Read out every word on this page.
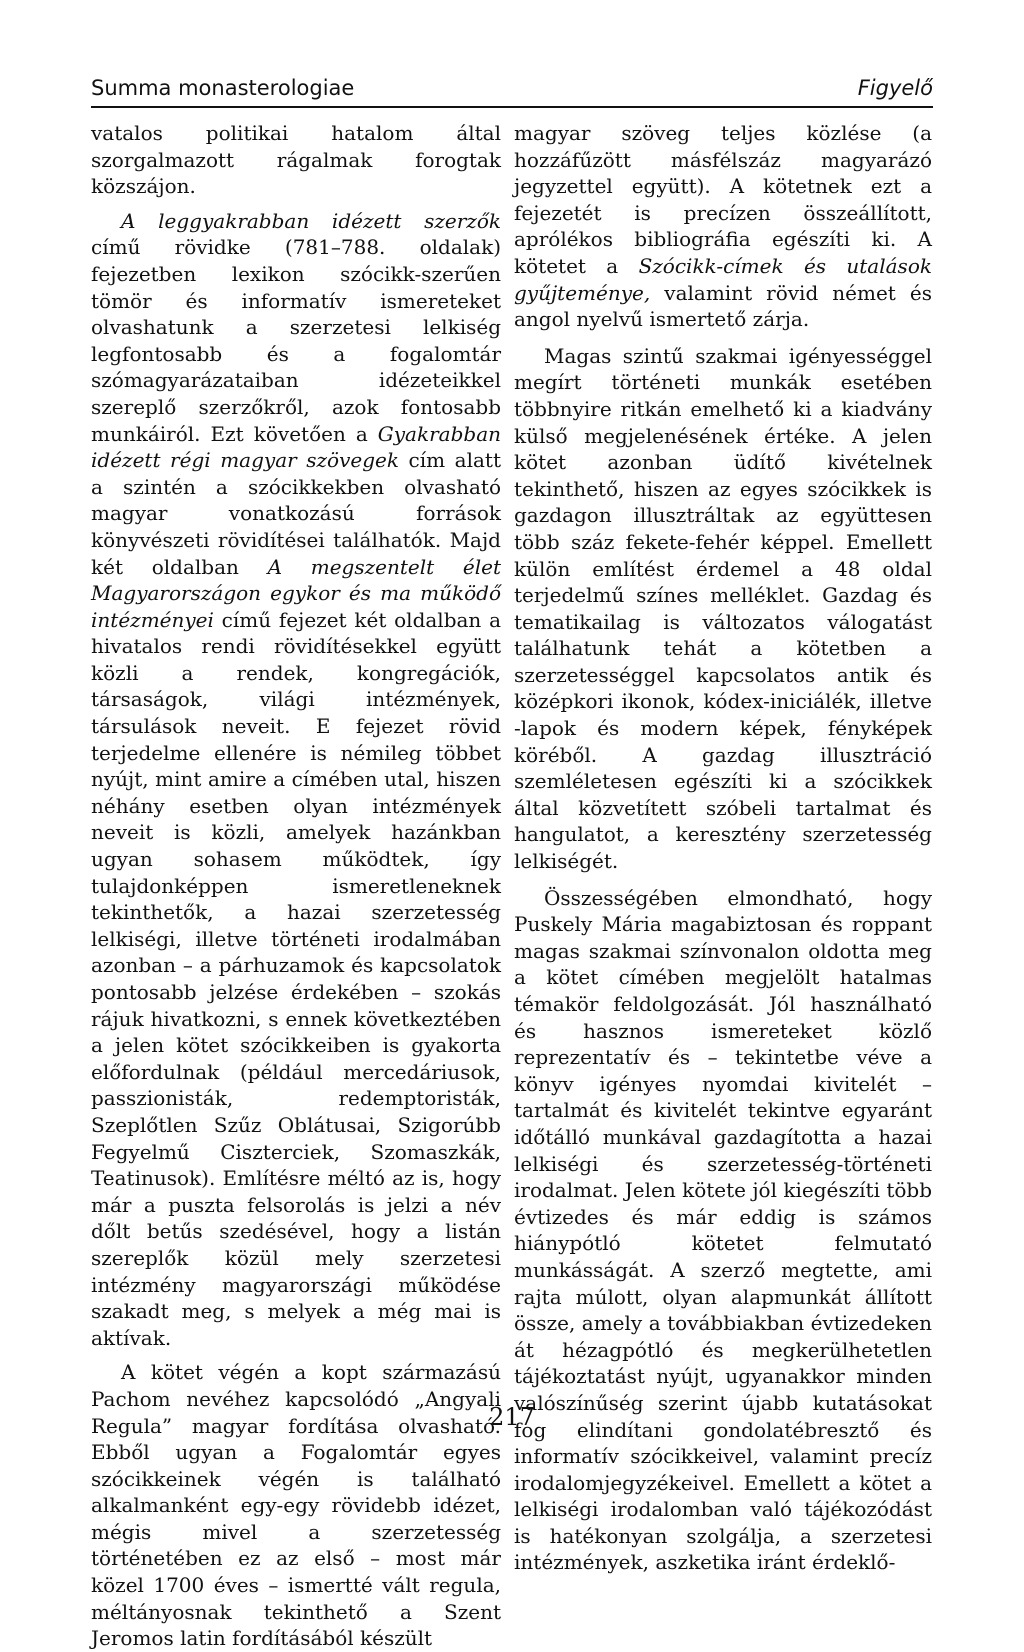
Summa monasterologiae	Figyelő

vatalos politikai hatalom által szorgalmazott rágalmak forogtak közszájon.

A leggyakrabban idézett szerzők című rövidke (781–788. oldalak) fejezetben lexikon szócikk-szerűen tömör és informatív ismereteket olvashatunk a szerzetesi lelkiség legfontosabb és a fogalomtár szómagyarázataiban idézeteikkel szereplő szerzőkről, azok fontosabb munkáiról. Ezt követően a Gyakrabban idézett régi magyar szövegek cím alatt a szintén a szócikkekben olvasható magyar vonatkozású források könyvészeti rövidítései találhatók. Majd két oldalban A megszentelt élet Magyarországon egykor és ma működő intézményei című fejezet két oldalban a hivatalos rendi rövidítésekkel együtt közli a rendek, kongregációk, társaságok, világi intézmények, társulások neveit. E fejezet rövid terjedelme ellenére is némileg többet nyújt, mint amire a címében utal, hiszen néhány esetben olyan intézmények neveit is közli, amelyek hazánkban ugyan sohasem működtek, így tulajdonképpen ismeretleneknek tekinthetők, a hazai szerzetesség lelkiségi, illetve történeti irodalmában azonban – a párhuzamok és kapcsolatok pontosabb jelzése érdekében – szokás rájuk hivatkozni, s ennek következtében a jelen kötet szócikkeiben is gyakorta előfordulnak (például mercedáriusok, passzionisták, redemptoristák, Szeplőtlen Szűz Oblátusai, Szigorúbb Fegyelmű Ciszterciek, Szomaszkák, Teatinusok). Említésre méltó az is, hogy már a puszta felsorolás is jelzi a név dőlt betűs szedésével, hogy a listán szereplők közül mely szerzetesi intézmény magyarországi működése szakadt meg, s melyek a még mai is aktívak.

A kötet végén a kopt származású Pachom nevéhez kapcsolódó „Angyali Regula” magyar fordítása olvasható. Ebből ugyan a Fogalomtár egyes szócikkeinek végén is található alkalmanként egy-egy rövidebb idézet, mégis mivel a szerzetesség történetében ez az első – most már közel 1700 éves – ismertté vált regula, méltányosnak tekinthető a Szent Jeromos latin fordításából készült

magyar szöveg teljes közlése (a hozzáfűzött másfélszáz magyarázó jegyzettel együtt). A kötetnek ezt a fejezetét is precízen összeállított, aprólékos bibliográfia egészíti ki. A kötetet a Szócikk-címek és utalások gyűjteménye, valamint rövid német és angol nyelvű ismertető zárja.

Magas szintű szakmai igényességgel megírt történeti munkák esetében többnyire ritkán emelhető ki a kiadvány külső megjelenésének értéke. A jelen kötet azonban üdítő kivételnek tekinthető, hiszen az egyes szócikkek is gazdagon illusztráltak az együttesen több száz fekete-fehér képpel. Emellett külön említést érdemel a 48 oldal terjedelmű színes melléklet. Gazdag és tematikailag is változatos válogatást találhatunk tehát a kötetben a szerzetességgel kapcsolatos antik és középkori ikonok, kódex-iniciálék, illetve -lapok és modern képek, fényképek köréből. A gazdag illusztráció szemléletesen egészíti ki a szócikkek által közvetített szóbeli tartalmat és hangulatot, a keresztény szerzetesség lelkiségét.

Összességében elmondható, hogy Puskely Mária magabiztosan és roppant magas szakmai színvonalon oldotta meg a kötet címében megjelölt hatalmas témakör feldolgozását. Jól használható és hasznos ismereteket közlő reprezentatív és – tekintetbe véve a könyv igényes nyomdai kivitelét – tartalmát és kivitelét tekintve egyaránt időtálló munkával gazdagította a hazai lelkiségi és szerzetesség-történeti irodalmat. Jelen kötete jól kiegészíti több évtizedes és már eddig is számos hiánypótló kötetet felmutató munkásságát. A szerző megtette, ami rajta múlott, olyan alapmunkát állított össze, amely a továbbiakban évtizedeken át hézagpótló és megkerülhetetlen tájékoztatást nyújt, ugyanakkor minden valószínűség szerint újabb kutatásokat fog elindítani gondolatébresztő és informatív szócikkeivel, valamint precíz irodalomjegyzékeivel. Emellett a kötet a lelkiségi irodalomban való tájékozódást is hatékonyan szolgálja, a szerzetesi intézmények, aszketika iránt érdeklő-

217
